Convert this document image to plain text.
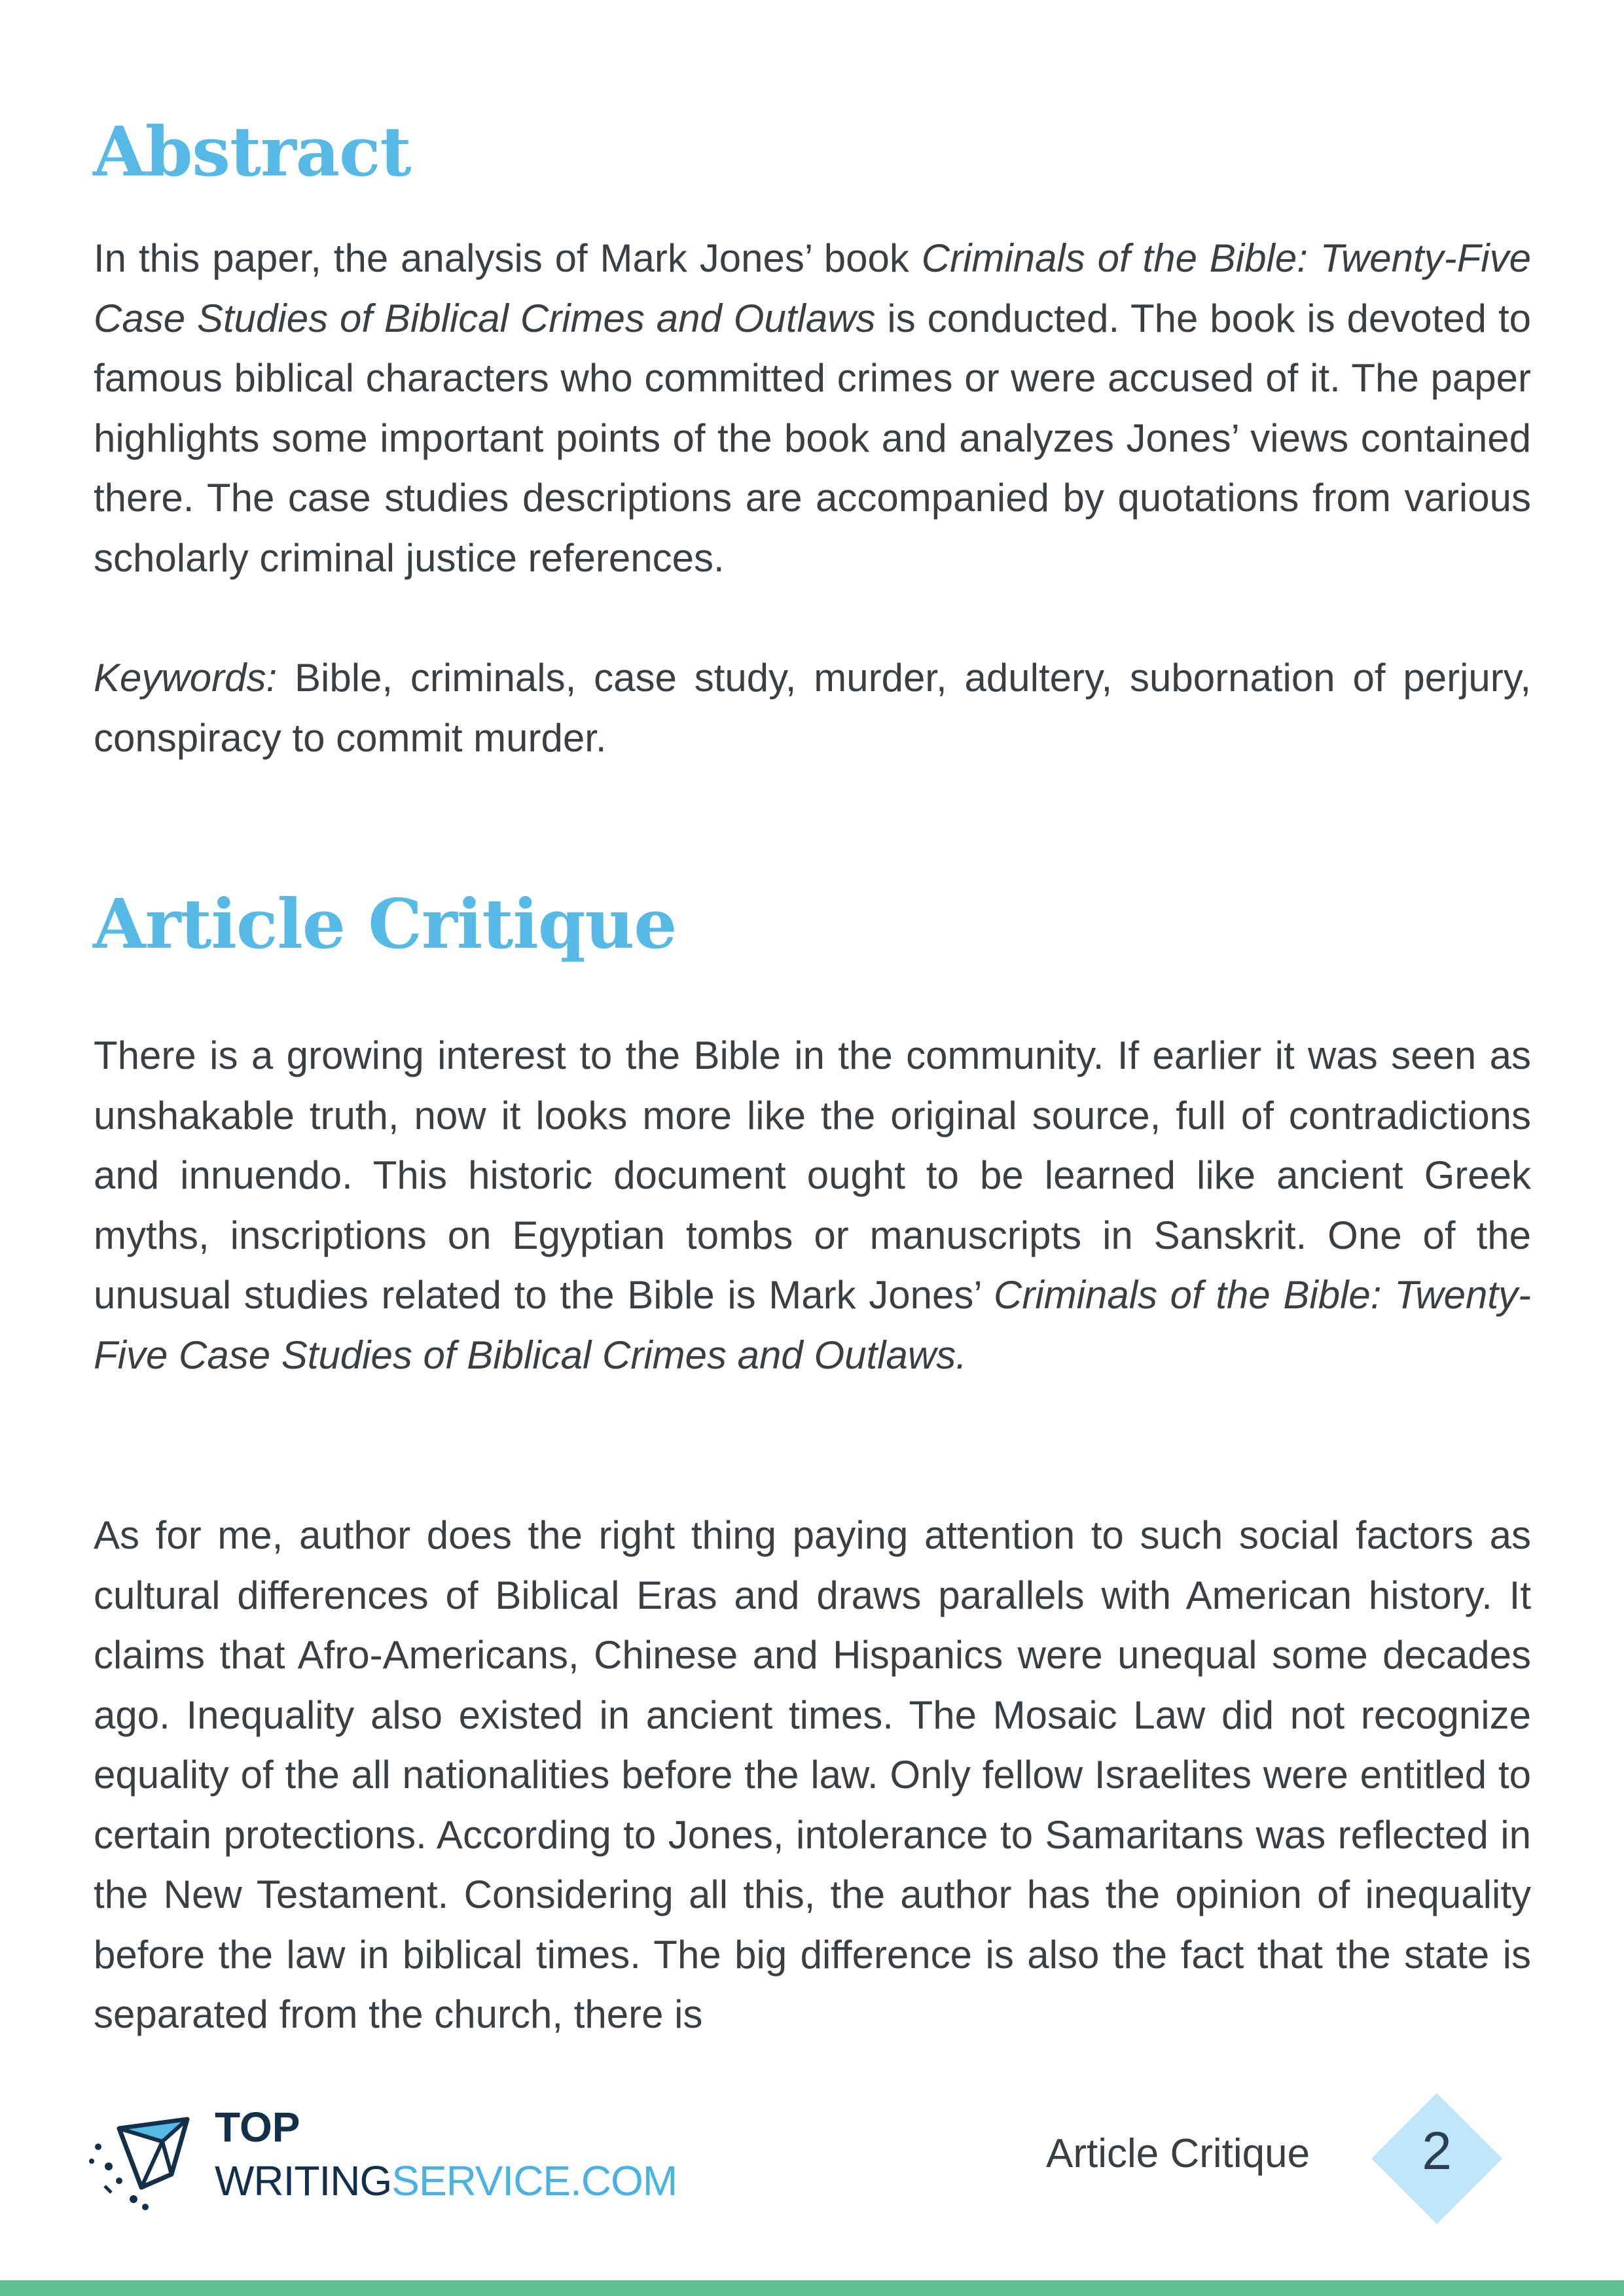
Abstract

In this paper, the analysis of Mark Jones’ book Criminals of the Bible: Twenty-Five Case Studies of Biblical Crimes and Outlaws is conducted. The book is devoted to famous biblical characters who committed crimes or were accused of it. The paper highlights some important points of the book and analyzes Jones’ views contained there. The case studies descriptions are accompanied by quotations from various scholarly criminal justice references.

Keywords: Bible, criminals, case study, murder, adultery, subornation of perjury, conspiracy to commit murder.

Article Critique

There is a growing interest to the Bible in the community. If earlier it was seen as unshakable truth, now it looks more like the original source, full of contradictions and innuendo. This historic document ought to be learned like ancient Greek myths, inscriptions on Egyptian tombs or manuscripts in Sanskrit. One of the unusual studies related to the Bible is Mark Jones’ Criminals of the Bible: Twenty-Five Case Studies of Biblical Crimes and Outlaws.

As for me, author does the right thing paying attention to such social factors as cultural differences of Biblical Eras and draws parallels with American history. It claims that Afro-Americans, Chinese and Hispanics were unequal some decades ago. Inequality also existed in ancient times. The Mosaic Law did not recognize equality of the all nationalities before the law. Only fellow Israelites were entitled to certain protections. According to Jones, intolerance to Samaritans was reflected in the New Testament. Considering all this, the author has the opinion of inequality before the law in biblical times. The big difference is also the fact that the state is separated from the church, there is

TOP
WRITINGSERVICE.COM
Article Critique	2
